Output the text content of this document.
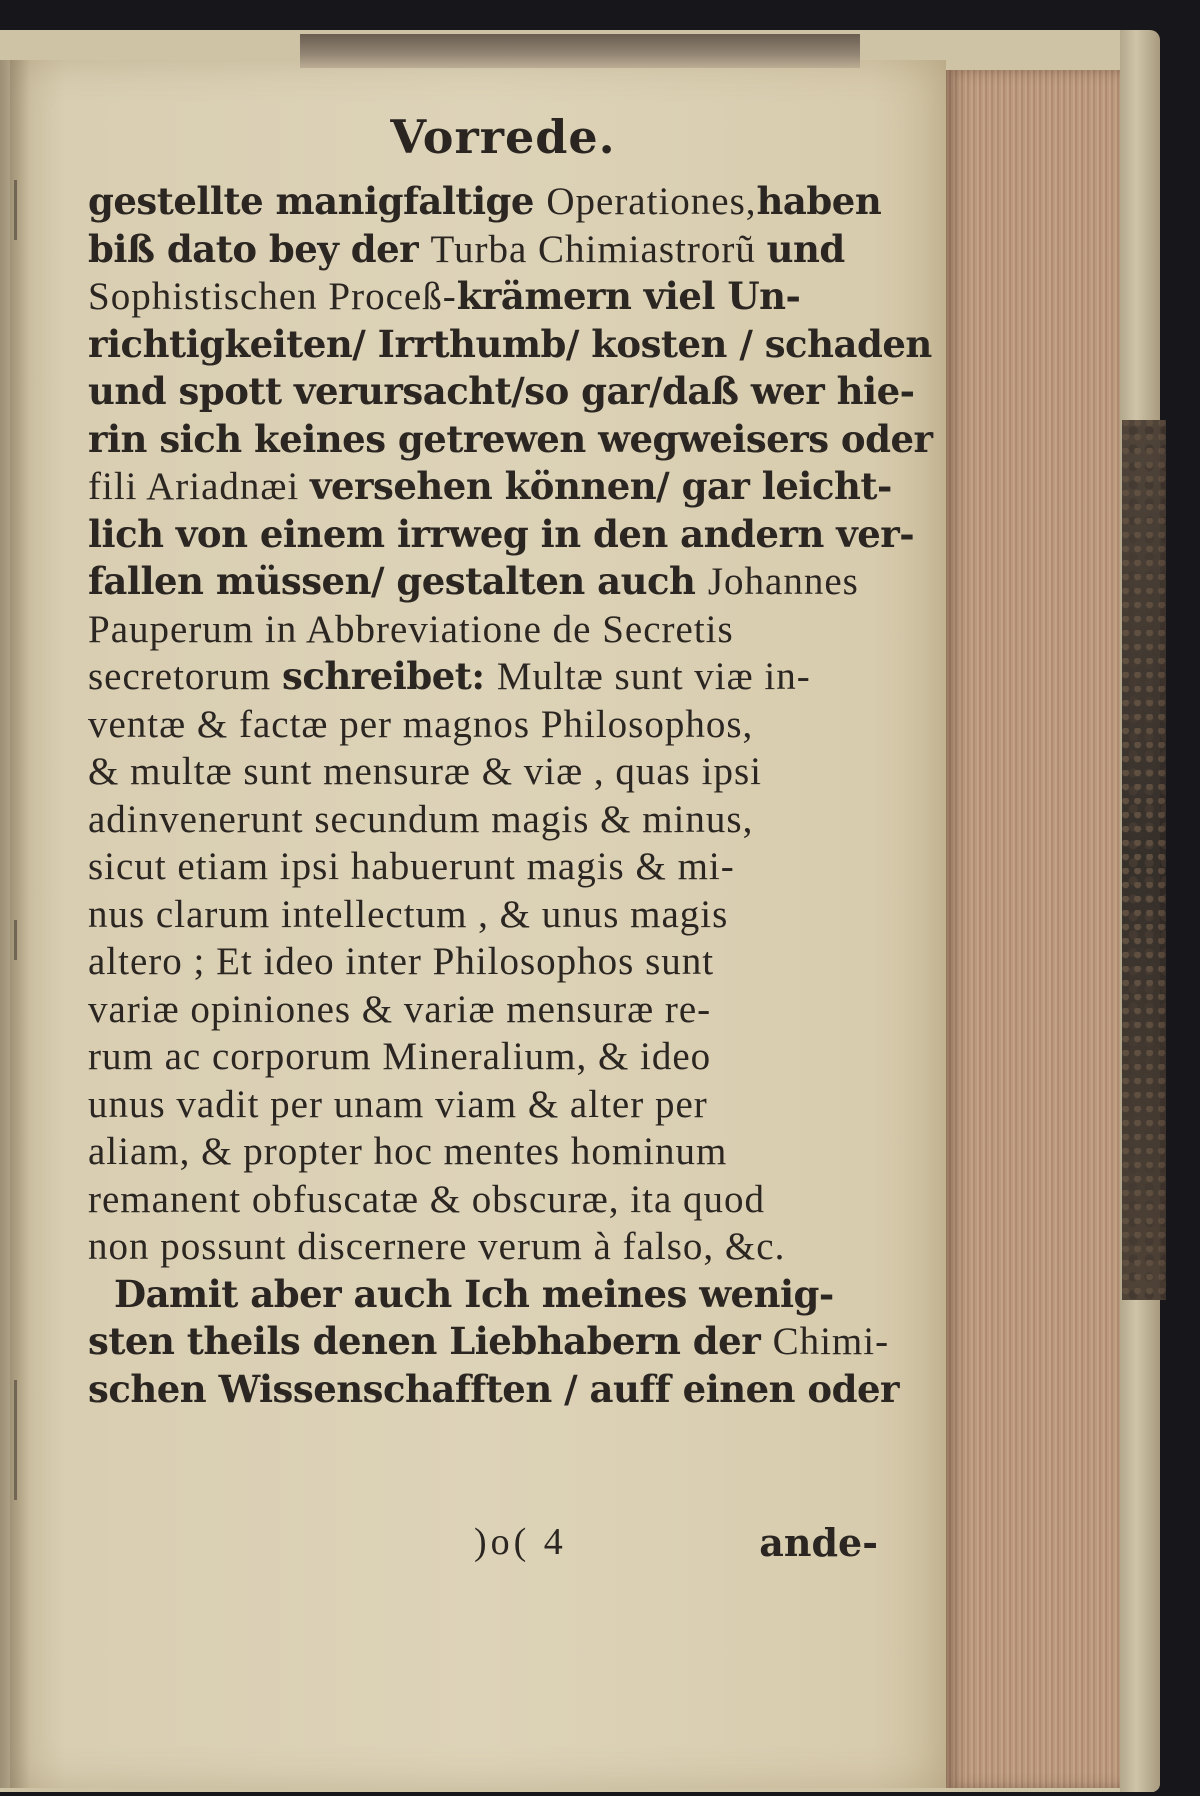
Vorrede.
gestellte manigfaltige Operationes,haben
biß dato bey der Turba Chimiastrorũ und
Sophistischen Proceß-krämern viel Un-
richtigkeiten/ Irrthumb/ kosten / schaden
und spott verursacht/so gar/daß wer hie-
rin sich keines getrewen wegweisers oder
fili Ariadnæi versehen können/ gar leicht-
lich von einem irrweg in den andern ver-
fallen müssen/ gestalten auch Johannes
Pauperum in Abbreviatione de Secretis
secretorum schreibet: Multæ sunt viæ in-
ventæ & factæ per magnos Philosophos,
& multæ sunt mensuræ & viæ , quas ipsi
adinvenerunt secundum magis & minus,
sicut etiam ipsi habuerunt magis & mi-
nus clarum intellectum , & unus magis
altero ; Et ideo inter Philosophos sunt
variæ opiniones & variæ mensuræ re-
rum ac corporum Mineralium, & ideo
unus vadit per unam viam & alter per
aliam, & propter hoc mentes hominum
remanent obfuscatæ & obscuræ, ita quod
non possunt discernere verum à falso, &c.
Damit aber auch Ich meines wenig-
sten theils denen Liebhabern der Chimi-
schen Wissenschafften / auff einen oder
)o( 4	ande-
